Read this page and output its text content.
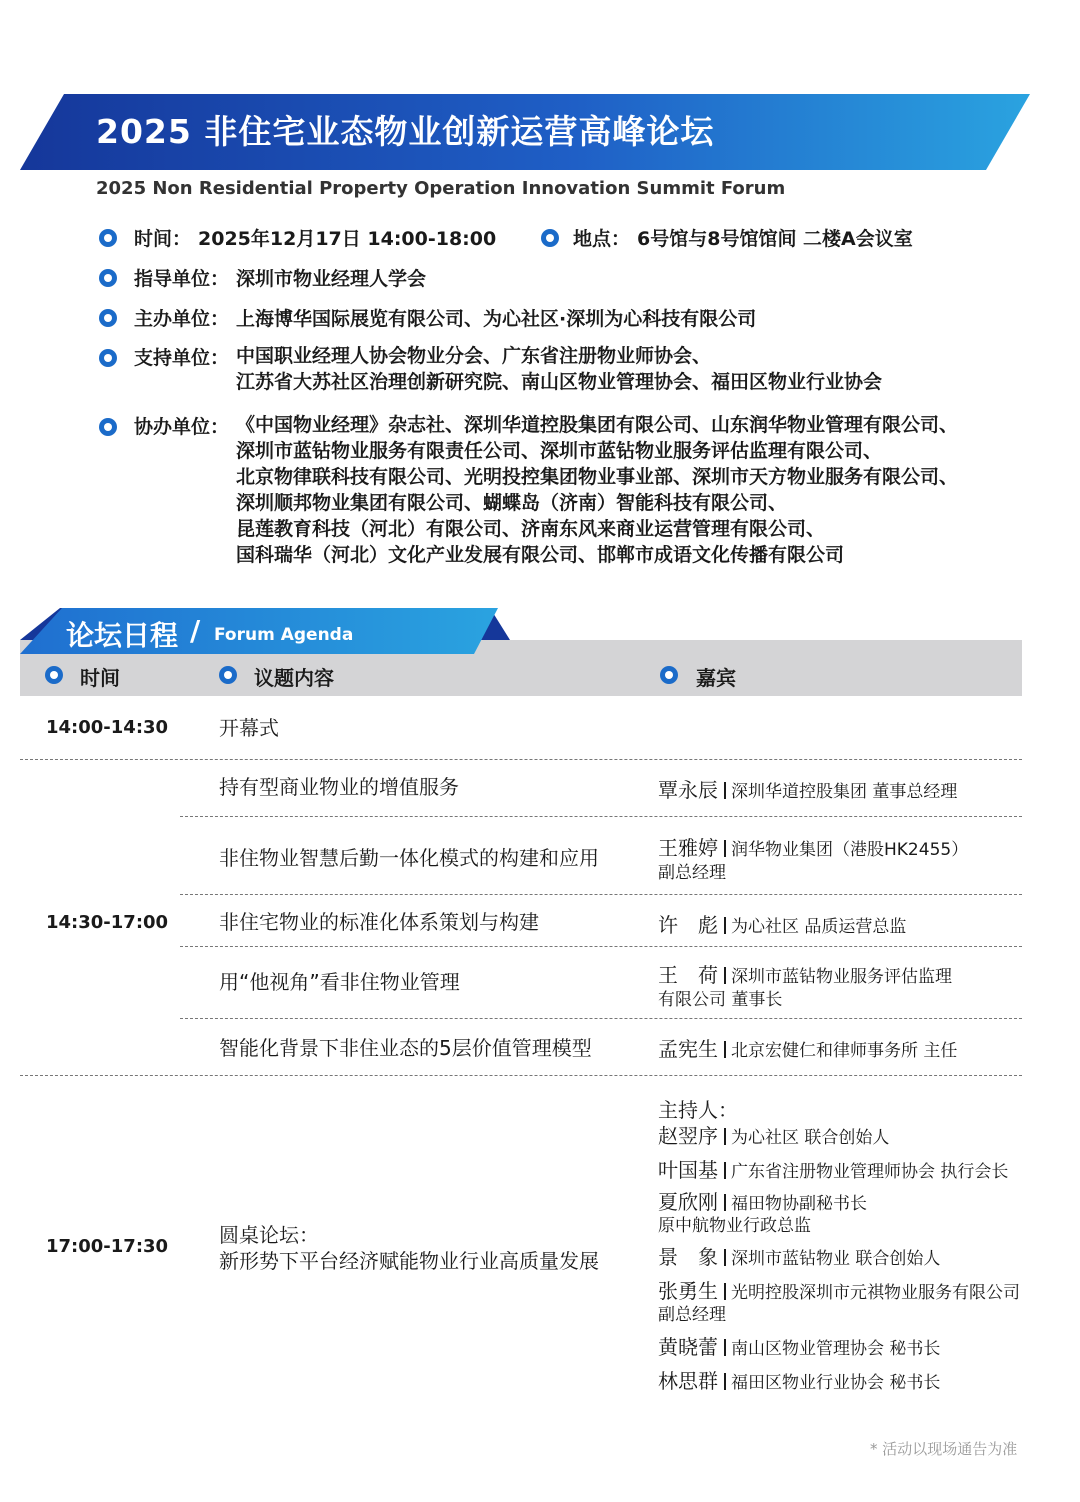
2025 非住宅业态物业创新运营高峰论坛
2025 Non Residential Property Operation Innovation Summit Forum
时间： 2025年12月17日 14:00-18:00	地点： 6号馆与8号馆馆间 二楼A会议室
指导单位： 深圳市物业经理人学会
主办单位： 上海博华国际展览有限公司、为心社区·深圳为心科技有限公司
支持单位： 中国职业经理人协会物业分会、广东省注册物业师协会、
江苏省大苏社区治理创新研究院、南山区物业管理协会、福田区物业行业协会
协办单位： 《中国物业经理》杂志社、深圳华道控股集团有限公司、山东润华物业管理有限公司、
深圳市蓝钻物业服务有限责任公司、深圳市蓝钻物业服务评估监理有限公司、
北京物律联科技有限公司、光明投控集团物业事业部、深圳市天方物业服务有限公司、
深圳顺邦物业集团有限公司、蝴蝶岛（济南）智能科技有限公司、
昆莲教育科技（河北）有限公司、济南东风来商业运营管理有限公司、
国科瑞华（河北）文化产业发展有限公司、邯郸市成语文化传播有限公司
论坛日程 / Forum Agenda
时间	议题内容	嘉宾
14:00-14:30	开幕式
14:30-17:00
持有型商业物业的增值服务	覃永辰 深圳华道控股集团 董事总经理
非住物业智慧后勤一体化模式的构建和应用	王雅婷 润华物业集团（港股HK2455）
副总经理
非住宅物业的标准化体系策划与构建	许　彪 为心社区 品质运营总监
用“他视角”看非住物业管理	王　荷 深圳市蓝钻物业服务评估监理
有限公司 董事长
智能化背景下非住业态的5层价值管理模型	孟宪生 北京宏健仁和律师事务所 主任
17:00-17:30	圆桌论坛：
新形势下平台经济赋能物业行业高质量发展
主持人：
赵翌序 为心社区 联合创始人
叶国基 广东省注册物业管理师协会 执行会长
夏欣刚 福田物协副秘书长
原中航物业行政总监
景　象 深圳市蓝钻物业 联合创始人
张勇生 光明控股深圳市元祺物业服务有限公司
副总经理
黄晓蕾 南山区物业管理协会 秘书长
林思群 福田区物业行业协会 秘书长
* 活动以现场通告为准
